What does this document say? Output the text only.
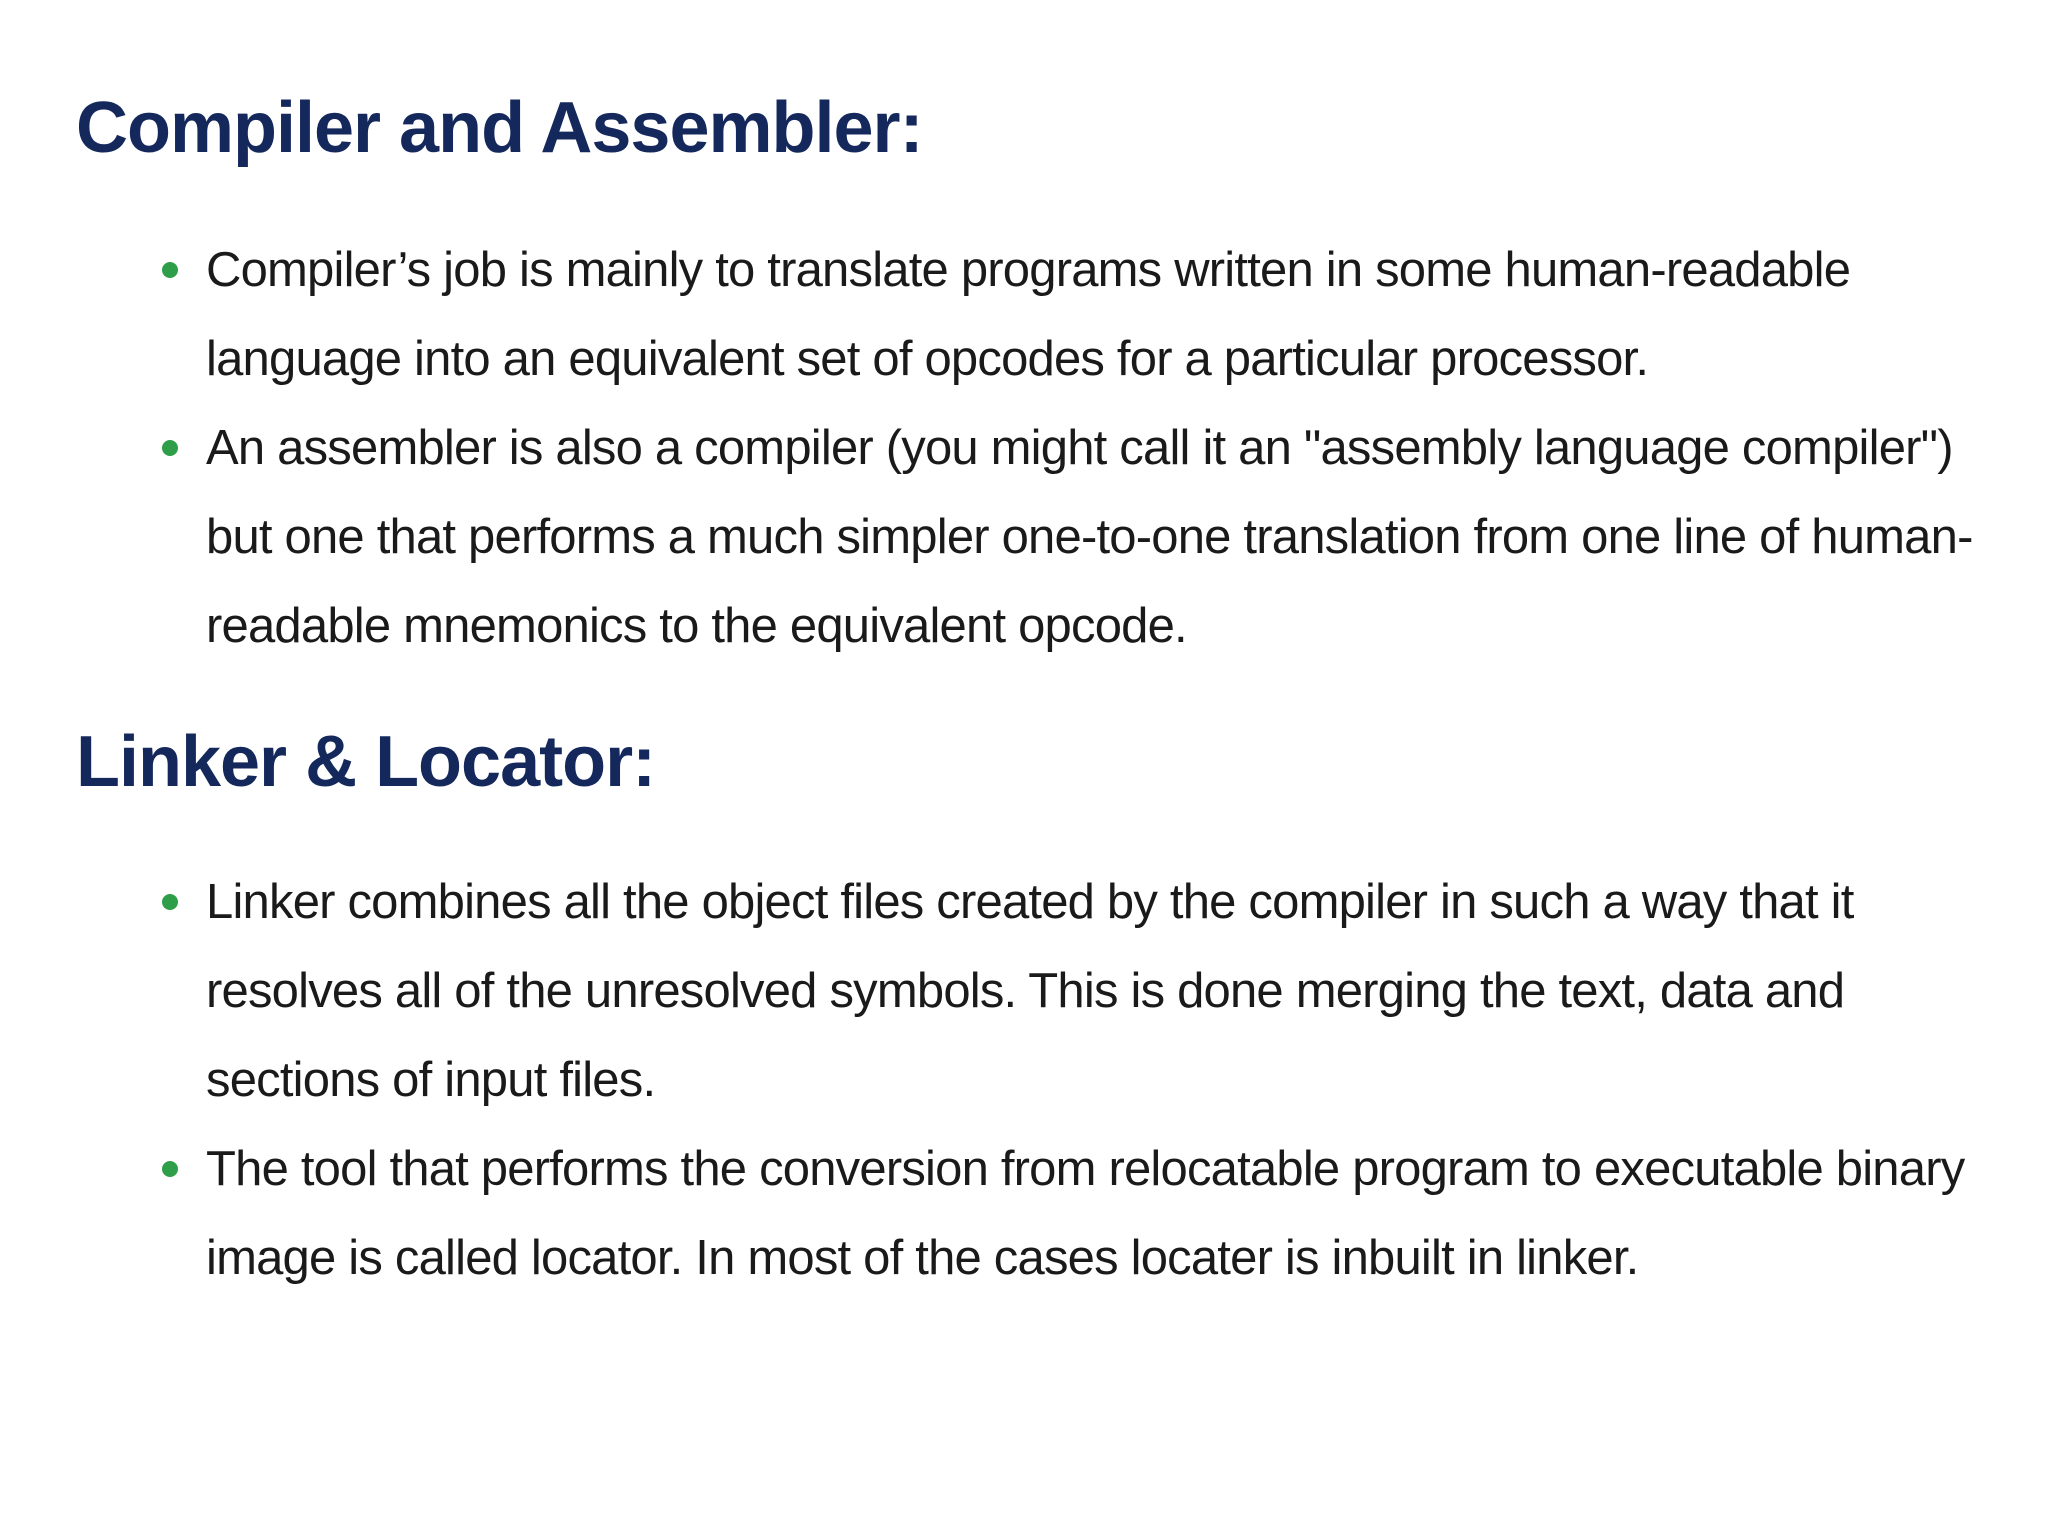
Compiler and Assembler:
Compiler’s job is mainly to translate programs written in some human-readable language into an equivalent set of opcodes for a particular processor.
An assembler is also a compiler (you might call it an "assembly language compiler") but one that performs a much simpler one-to-one translation from one line of human-readable mnemonics to the equivalent opcode.
Linker & Locator:
Linker combines all the object files created by the compiler in such a way that it resolves all of the unresolved symbols. This is done merging the text, data and sections of input files.
The tool that performs the conversion from relocatable program to executable binary image is called locator. In most of the cases locater is inbuilt in linker.
